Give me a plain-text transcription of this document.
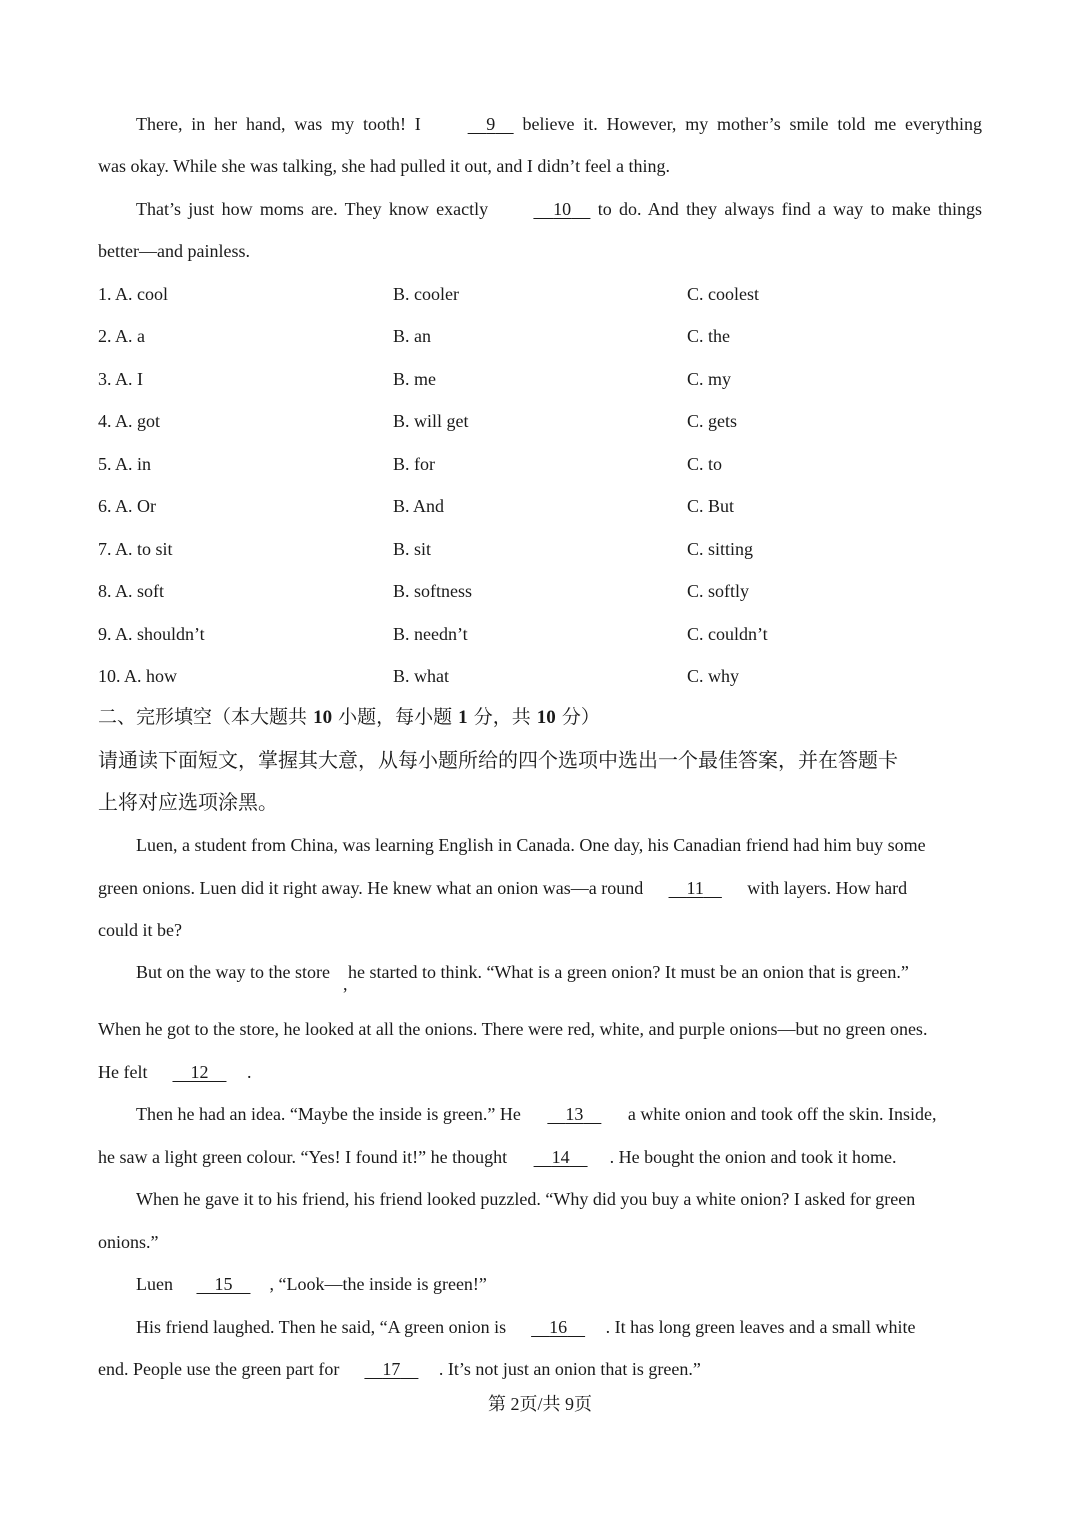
There, in her hand, was my tooth! I	9 believe it. However, my mother’s smile told me everything
was okay. While she was talking, she had pulled it out, and I didn’t feel a thing.
That’s just how moms are. They know exactly	10 to do. And they always find a way to make things
better—and painless.
1. A. cool	B. cooler	C. coolest
2. A. a	B. an	C. the
3. A. I	B. me	C. my
4. A. got	B. will get	C. gets
5. A. in	B. for	C. to
6. A. Or	B. And	C. But
7. A. to sit	B. sit	C. sitting
8. A. soft	B. softness	C. softly
9. A. shouldn’t	B. needn’t	C. couldn’t
10. A. how	B. what	C. why
二、完形填空（本大题共 10 小题，每小题 1 分，共 10 分）
请通读下面短文，掌握其大意，从每小题所给的四个选项中选出一个最佳答案，并在答题卡
上将对应选项涂黑。
Luen, a student from China, was learning English in Canada. One day, his Canadian friend had him buy some
green onions. Luen did it right away. He knew what an onion was—a round 11 with layers. How hard
could it be?
But on the way to the store he started to think. “What is a green onion? It must be an onion that is green.”
,
When he got to the store, he looked at all the onions. There were red, white, and purple onions—but no green ones.
He felt 12 .
Then he had an idea. “Maybe the inside is green.” He 13 a white onion and took off the skin. Inside,
he saw a light green colour. “Yes! I found it!” he thought 14 . He bought the onion and took it home.
When he gave it to his friend, his friend looked puzzled. “Why did you buy a white onion? I asked for green
onions.”
Luen 15 , “Look—the inside is green!”
His friend laughed. Then he said, “A green onion is 16 . It has long green leaves and a small white
end. People use the green part for 17 . It’s not just an onion that is green.”
第 2页/共 9页
